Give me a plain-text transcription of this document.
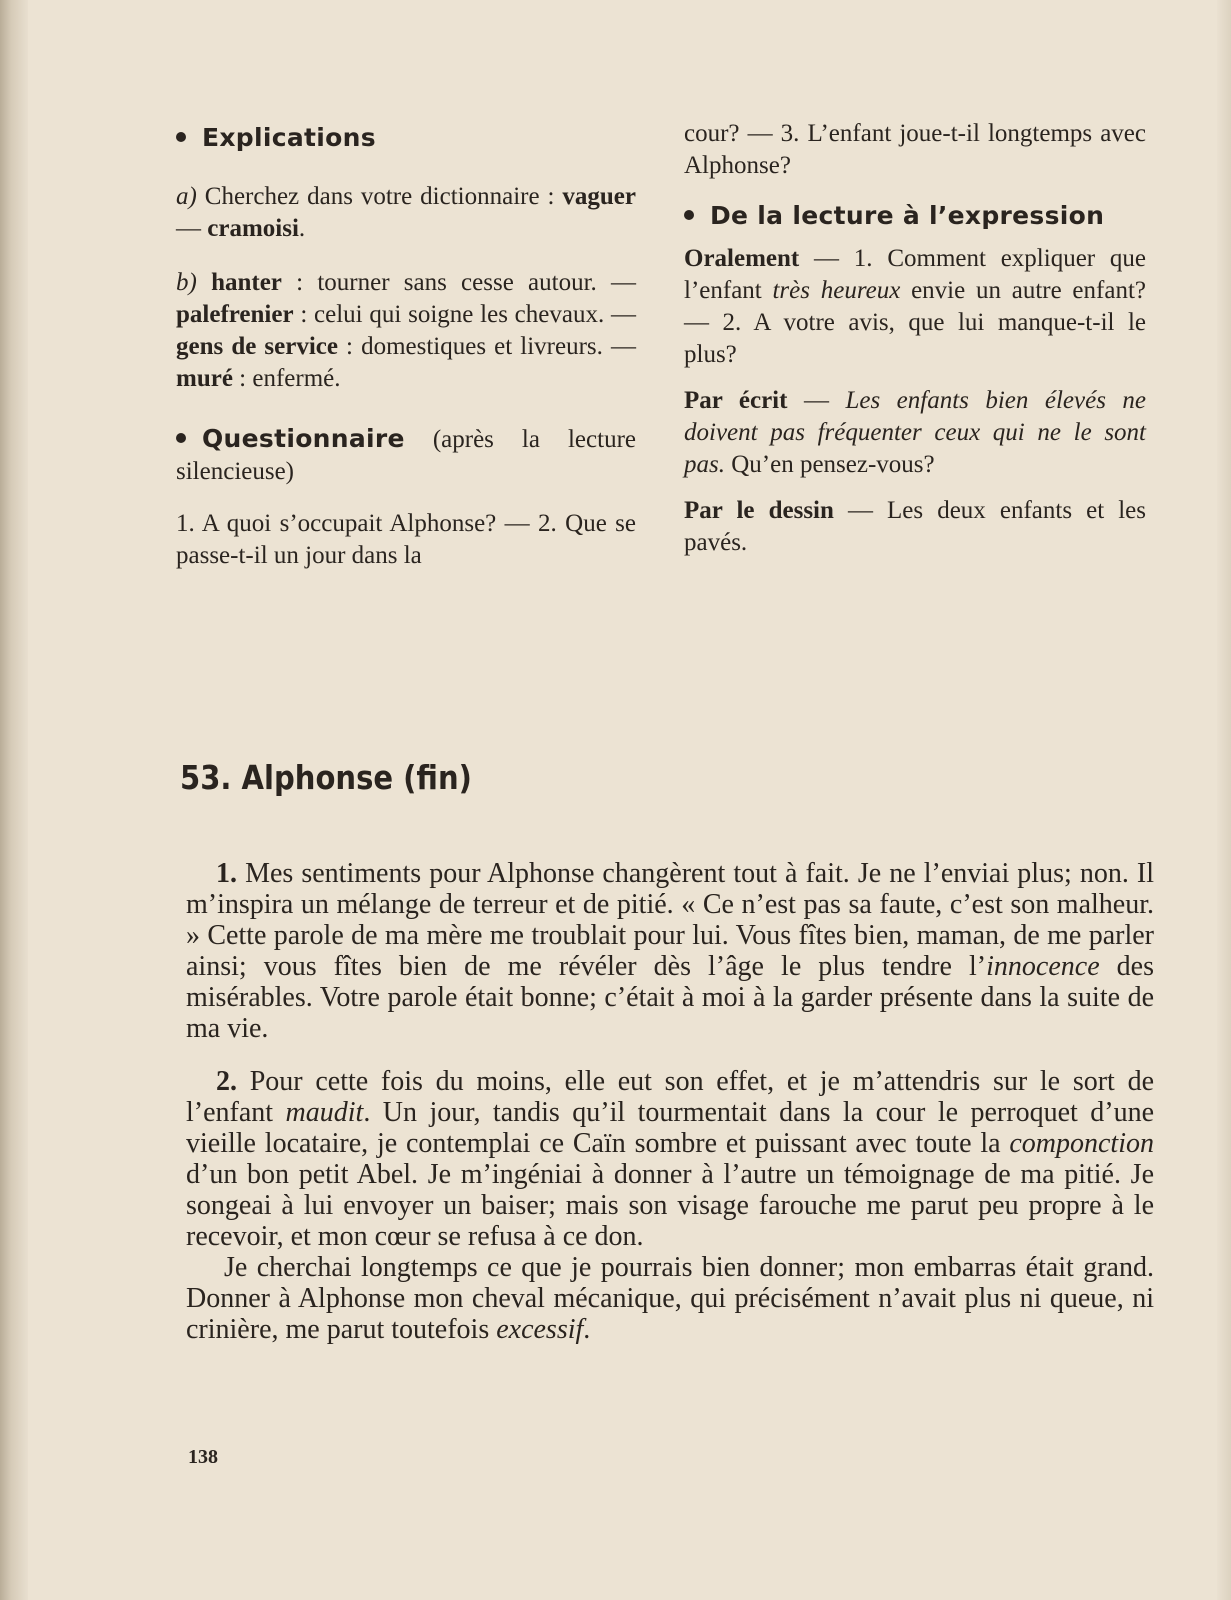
Explications

a) Cherchez dans votre dictionnaire : vaguer — cramoisi.

b) hanter : tourner sans cesse autour. — palefrenier : celui qui soigne les chevaux. — gens de service : domestiques et livreurs. — muré : enfermé.

Questionnaire (après la lecture silencieuse)

1. A quoi s’occupait Alphonse? — 2. Que se passe-t-il un jour dans la

cour? — 3. L’enfant joue-t-il longtemps avec Alphonse?

De la lecture à l’expression

Oralement — 1. Comment expliquer que l’enfant très heureux envie un autre enfant? — 2. A votre avis, que lui manque-t-il le plus?

Par écrit — Les enfants bien élevés ne doivent pas fréquenter ceux qui ne le sont pas. Qu’en pensez-vous?

Par le dessin — Les deux enfants et les pavés.

53. Alphonse (fin)

1. Mes sentiments pour Alphonse changèrent tout à fait. Je ne l’enviai plus; non. Il m’inspira un mélange de terreur et de pitié. « Ce n’est pas sa faute, c’est son malheur. » Cette parole de ma mère me troublait pour lui. Vous fîtes bien, maman, de me parler ainsi; vous fîtes bien de me révéler dès l’âge le plus tendre l’innocence des misérables. Votre parole était bonne; c’était à moi à la garder présente dans la suite de ma vie.

2. Pour cette fois du moins, elle eut son effet, et je m’attendris sur le sort de l’enfant maudit. Un jour, tandis qu’il tourmentait dans la cour le perroquet d’une vieille locataire, je contemplai ce Caïn sombre et puissant avec toute la componction d’un bon petit Abel. Je m’ingéniai à donner à l’autre un témoignage de ma pitié. Je songeai à lui envoyer un baiser; mais son visage farouche me parut peu propre à le recevoir, et mon cœur se refusa à ce don.

Je cherchai longtemps ce que je pourrais bien donner; mon embarras était grand. Donner à Alphonse mon cheval mécanique, qui précisément n’avait plus ni queue, ni crinière, me parut toutefois excessif.

138
